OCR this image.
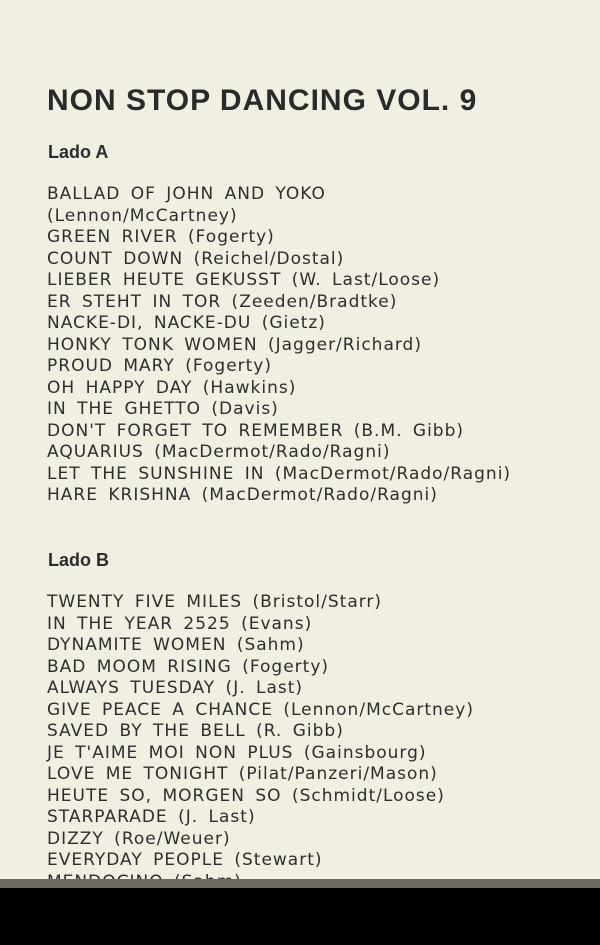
NON STOP DANCING VOL. 9
Lado A
BALLAD OF JOHN AND YOKO
(Lennon/McCartney)
GREEN RIVER (Fogerty)
COUNT DOWN (Reichel/Dostal)
LIEBER HEUTE GEKUSST (W. Last/Loose)
ER STEHT IN TOR (Zeeden/Bradtke)
NACKE-DI, NACKE-DU (Gietz)
HONKY TONK WOMEN (Jagger/Richard)
PROUD MARY (Fogerty)
OH HAPPY DAY (Hawkins)
IN THE GHETTO (Davis)
DON'T FORGET TO REMEMBER (B.M. Gibb)
AQUARIUS (MacDermot/Rado/Ragni)
LET THE SUNSHINE IN (MacDermot/Rado/Ragni)
HARE KRISHNA (MacDermot/Rado/Ragni)
Lado B
TWENTY FIVE MILES (Bristol/Starr)
IN THE YEAR 2525 (Evans)
DYNAMITE WOMEN (Sahm)
BAD MOOM RISING (Fogerty)
ALWAYS TUESDAY (J. Last)
GIVE PEACE A CHANCE (Lennon/McCartney)
SAVED BY THE BELL (R. Gibb)
JE T'AIME MOI NON PLUS (Gainsbourg)
LOVE ME TONIGHT (Pilat/Panzeri/Mason)
HEUTE SO, MORGEN SO (Schmidt/Loose)
STARPARADE (J. Last)
DIZZY (Roe/Weuer)
EVERYDAY PEOPLE (Stewart)
